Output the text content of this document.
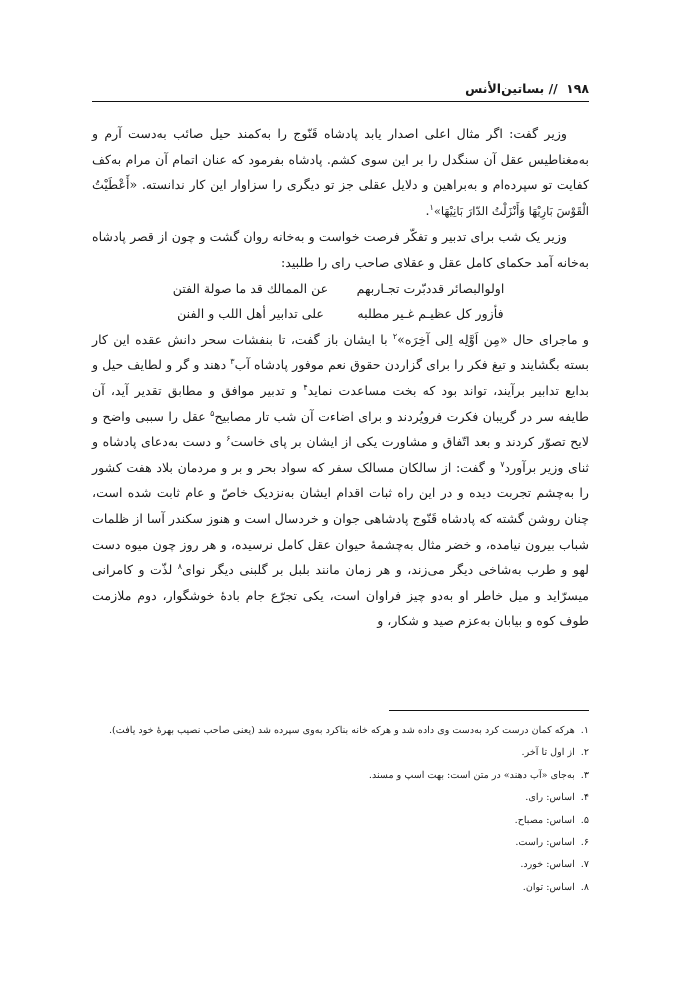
۱۹۸ // بساتین‌الأنس

وزیر گفت: اگر مثال اعلی اصدار یابد پادشاه قَنّوج را به‌کمند حیل صائب به‌دست آرم و به‌مغناطیس عقل آن سنگدل را بر این سوی کشم. پادشاه بفرمود که عنان اتمام آن مرام به‌کف کفایت تو سپردەام و به‌براهین و دلایل عقلی جز تو دیگری را سزاوار این کار ندانسته. «أَعْطَیْتُ الْقَوْسَ بَارِیْهَا وَأَنْزَلْتُ الدّارَ بَانِیْهَا»$^۱$.

وزیر یک شب برای تدبیر و تفکّر فرصت خواست و به‌خانه روان گشت و چون از قصر پادشاه به‌خانه آمد حکمای کامل عقل و عقلای صاحب رای را طلبید:

اولوالبصائر قددبّرت تجـاربهم
عن الممالك قد ما صولة الفتن
فأزور کل عظیـم غـیر مطلبه
علی تدابیر أهل اللب و الفنن

و ماجرای حال «مِن اَوَّلِه اِلی آخِرَه»$^۲$ با ایشان باز گفت، تا بنفشات سحر دانش عقده این کار بسته بگشایند و تیغ فکر را برای گزاردن حقوق نعم موفور پادشاه آب$^۳$ دهند و گر و لطایف حیل و بدایع تدابیر برآیند، تواند بود که بخت مساعدت نماید$^۴$ و تدبیر موافق و مطابق تقدیر آید، آن طایفه سر در گریبان فکرت فرویُردند و برای اضاءت آن شب تار مصابیح$^۵$ عقل را سببی واضح و لایح تصوّر کردند و بعد اتّفاق و مشاورت یکی از ایشان بر پای خاست$^۶$ و دست به‌دعای پادشاه و ثنای وزیر برآورد$^۷$ و گفت: از سالکان مسالک سفر که سواد بحر و بر و مردمان بلاد هفت کشور را به‌چشم تجربت دیده و در این راه ثبات اقدام ایشان به‌نزدیک خاصّ و عام ثابت شده است، چنان روشن گشته که پادشاه قَنّوج پادشاهی جوان و خردسال است و هنوز سکندر آسا از ظلمات شباب بیرون نیامده، و خضر مثال به‌چشمهٔ حیوان عقل کامل نرسیده، و هر روز چون میوه دست لهو و طرب به‌شاخی دیگر می‌زند، و هر زمان مانند بلبل بر گلبنی دیگر نوای$^۸$ لذّت و کامرانی میسرّاید و میل خاطر او به‌دو چیز فراوان است، یکی تجرّع جام بادهٔ خوشگوار، دوم ملازمت طوف کوه و بیابان به‌عزم صید و شکار، و

۱.هرکه کمان درست کرد به‌دست وی داده شد و هرکه خانه بناکرد به‌وی سپرده شد (یعنی صاحب نصیب بهرهٔ خود یافت).
۲.از اول تا آخر.
۳.به‌جای «آب دهند» در متن است: بهت اسپ و مسند.
۴.اساس: رای.
۵.اساس: مصباح.
۶.اساس: راست.
۷.اساس: خورد.
۸.اساس: توان.
